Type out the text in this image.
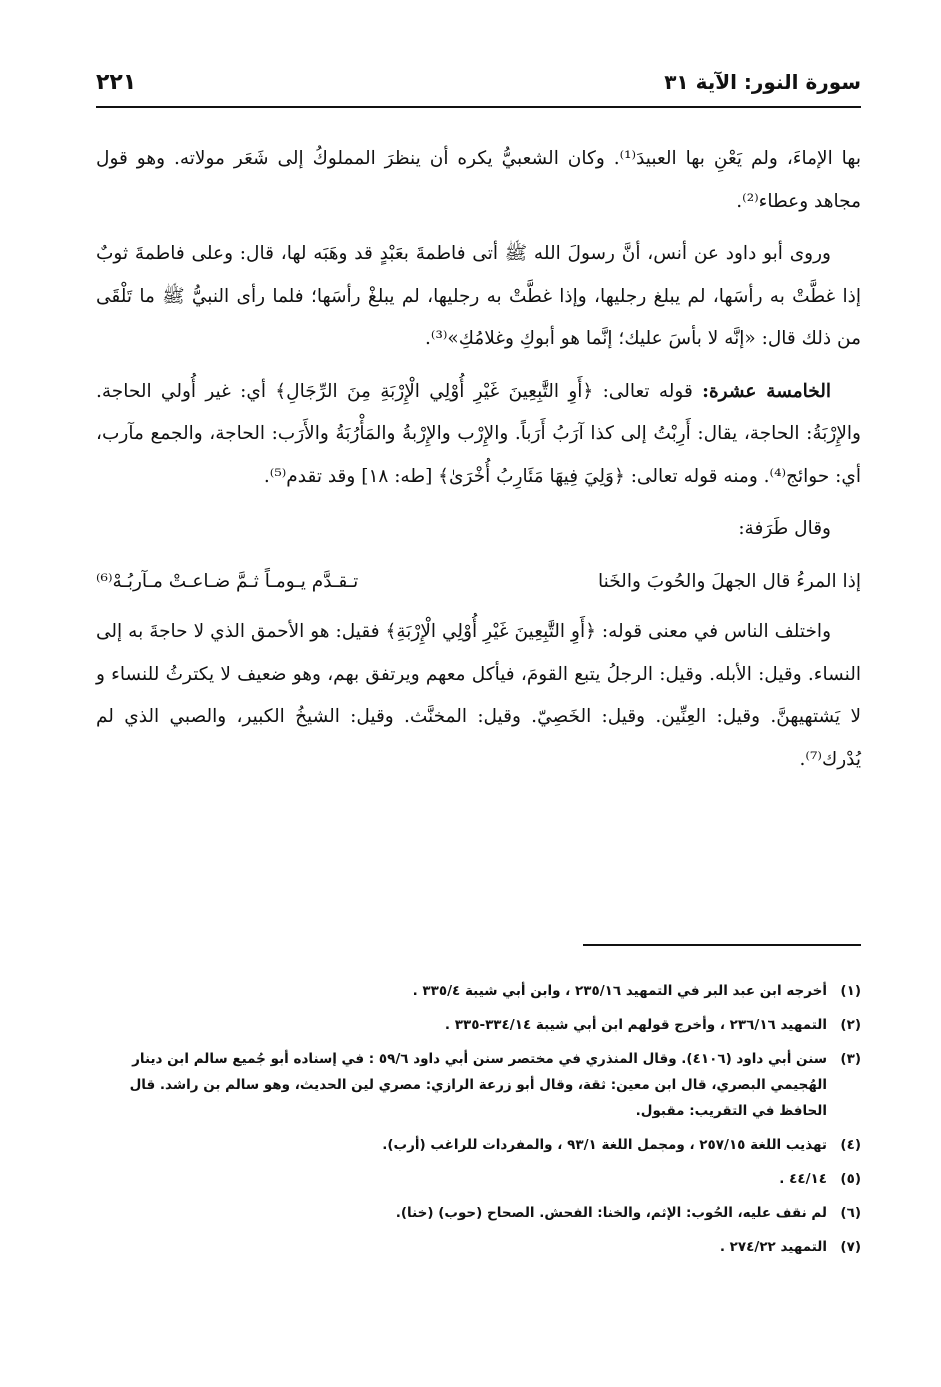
سورة النور: الآية ٣١
٢٢١

بها الإماءَ، ولم يَعْنِ بها العبيدَ⁽¹⁾. وكان الشعبيُّ يكره أن ينظرَ المملوكُ إلى شَعَر مولاته. وهو قول مجاهد وعطاء⁽²⁾.

وروى أبو داود عن أنس، أنَّ رسولَ الله ﷺ أتى فاطمةَ بعَبْدٍ قد وهَبَه لها، قال: وعلى فاطمةَ ثوبٌ إذا غطَّتْ به رأسَها، لم يبلغ رجليها، وإذا غطَّتْ به رجليها، لم يبلغْ رأسَها؛ فلما رأى النبيُّ ﷺ ما تَلْقَى من ذلك قال: «إنَّه لا بأسَ عليك؛ إنَّما هو أبوكِ وغلامُكِ»⁽³⁾.

الخامسة عشرة: قوله تعالى: ﴿أَوِ التَّٰبِعِينَ غَيْرِ أُوْلِي الْإِرْبَةِ مِنَ الرِّجَالِ﴾ أي: غير أُولي الحاجة. والإِرْبَةُ: الحاجة، يقال: أَرِبْتُ إلى كذا آرَبُ أَرَباً. والإِرْب والإِرْبةُ والمَأْرُبَةُ والأَرَب: الحاجة، والجمع مآرب، أي: حوائج⁽⁴⁾. ومنه قوله تعالى: ﴿وَلِيَ فِيهَا مَئَارِبُ أُخْرَىٰ﴾ [طه: ١٨] وقد تقدم⁽⁵⁾.

وقال طَرَفة:

إذا المرءُ قال الجهلَ والحُوبَ والخَنا
تـقـدَّم يـومـاً ثـمَّ ضـاعـتْ مـآربُـهْ⁽⁶⁾

واختلف الناس في معنى قوله: ﴿أَوِ التَّٰبِعِينَ غَيْرِ أُوْلِي الْإِرْبَةِ﴾ فقيل: هو الأحمق الذي لا حاجةَ به إلى النساء. وقيل: الأبله. وقيل: الرجلُ يتبع القومَ، فيأكل معهم ويرتفق بهم، وهو ضعيف لا يكترثُ للنساء و لا يَشتهيهنَّ. وقيل: العِنِّين. وقيل: الخَصِيّ. وقيل: المخنَّث. وقيل: الشيخُ الكبير، والصبي الذي لم يُدْرك⁽⁷⁾.

(١)
أخرجه ابن عبد البر في التمهيد ٢٣٥/١٦ ، وابن أبي شيبة ٣٣٥/٤ .
(٢)
التمهيد ٢٣٦/١٦ ، وأخرج قولهم ابن أبي شيبة ٣٣٤/١٤-٣٣٥ .
(٣)
سنن أبي داود (٤١٠٦). وقال المنذري في مختصر سنن أبي داود ٥٩/٦ : في إسناده أبو جُميع سالم ابن دينار الهُجيمي البصري، قال ابن معين: ثقة، وقال أبو زرعة الرازي: مصري لين الحديث، وهو سالم بن راشد. قال الحافظ في التقريب: مقبول.
(٤)
تهذيب اللغة ٢٥٧/١٥ ، ومجمل اللغة ٩٣/١ ، والمفردات للراغب (أرب).
(٥)
٤٤/١٤ .
(٦)
لم نقف عليه، الحُوب: الإثم، والخنا: الفحش. الصحاح (حوب) (خنا).
(٧)
التمهيد ٢٧٤/٢٢ .
